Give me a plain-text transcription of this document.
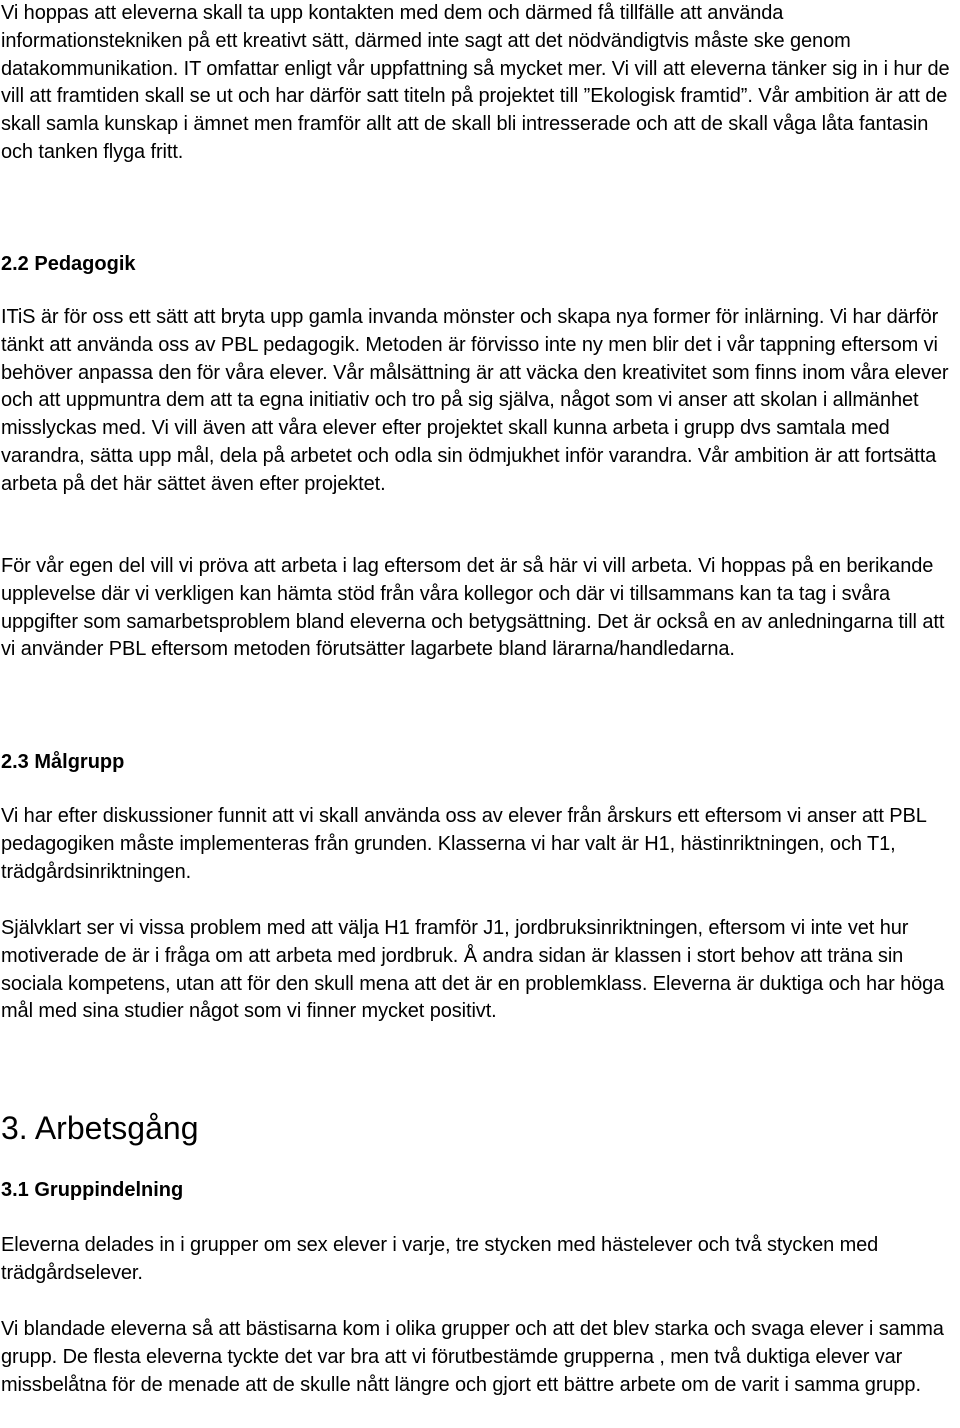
Vi hoppas att eleverna skall ta upp kontakten med dem och därmed få tillfälle att använda informationstekniken på ett kreativt sätt, därmed inte sagt att det nödvändigtvis måste ske genom datakommunikation. IT omfattar enligt vår uppfattning så mycket mer. Vi vill att eleverna tänker sig in i hur de vill att framtiden skall se ut och har därför satt titeln på projektet till ”Ekologisk framtid”. Vår ambition är att de skall samla kunskap i ämnet men framför allt att de skall bli intresserade och att de skall våga låta fantasin och tanken flyga fritt.

2.2 Pedagogik

ITiS är för oss ett sätt att bryta upp gamla invanda mönster och skapa nya former för inlärning. Vi har därför tänkt att använda oss av PBL pedagogik. Metoden är förvisso inte ny men blir det i vår tappning eftersom vi behöver anpassa den för våra elever. Vår målsättning är att väcka den kreativitet som finns inom våra elever och att uppmuntra dem att ta egna initiativ och tro på sig själva, något som vi anser att skolan i allmänhet misslyckas med. Vi vill även att våra elever efter projektet skall kunna arbeta i grupp dvs samtala med varandra, sätta upp mål, dela på arbetet och odla sin ödmjukhet inför varandra. Vår ambition är att fortsätta arbeta på det här sättet även efter projektet.

För vår egen del vill vi pröva att arbeta i lag eftersom det är så här vi vill arbeta. Vi hoppas på en berikande upplevelse där vi verkligen kan hämta stöd från våra kollegor och där vi tillsammans kan ta tag i svåra uppgifter som samarbetsproblem bland eleverna och betygsättning. Det är också en av anledningarna till att vi använder PBL eftersom metoden förutsätter lagarbete bland lärarna/handledarna.

2.3 Målgrupp

Vi har efter diskussioner funnit att vi skall använda oss av elever från årskurs ett eftersom vi anser att PBL pedagogiken måste implementeras från grunden. Klasserna vi har valt är H1, hästinriktningen, och T1, trädgårdsinriktningen.

Självklart ser vi vissa problem med att välja H1 framför J1, jordbruksinriktningen, eftersom vi inte vet hur motiverade de är i fråga om att arbeta med jordbruk. Å andra sidan är klassen i stort behov att träna sin sociala kompetens, utan att för den skull mena att det är en problemklass. Eleverna är duktiga och har höga mål med sina studier något som vi finner mycket positivt.

3. Arbetsgång
3.1 Gruppindelning

Eleverna delades in i grupper om sex elever i varje, tre stycken med hästelever och två stycken med trädgårdselever.

Vi blandade eleverna så att bästisarna kom i olika grupper och att det blev starka och svaga elever i samma grupp. De flesta eleverna tyckte det var bra att vi förutbestämde grupperna , men två duktiga elever var missbelåtna för de menade att de skulle nått längre och gjort ett bättre arbete om de varit i samma grupp.
